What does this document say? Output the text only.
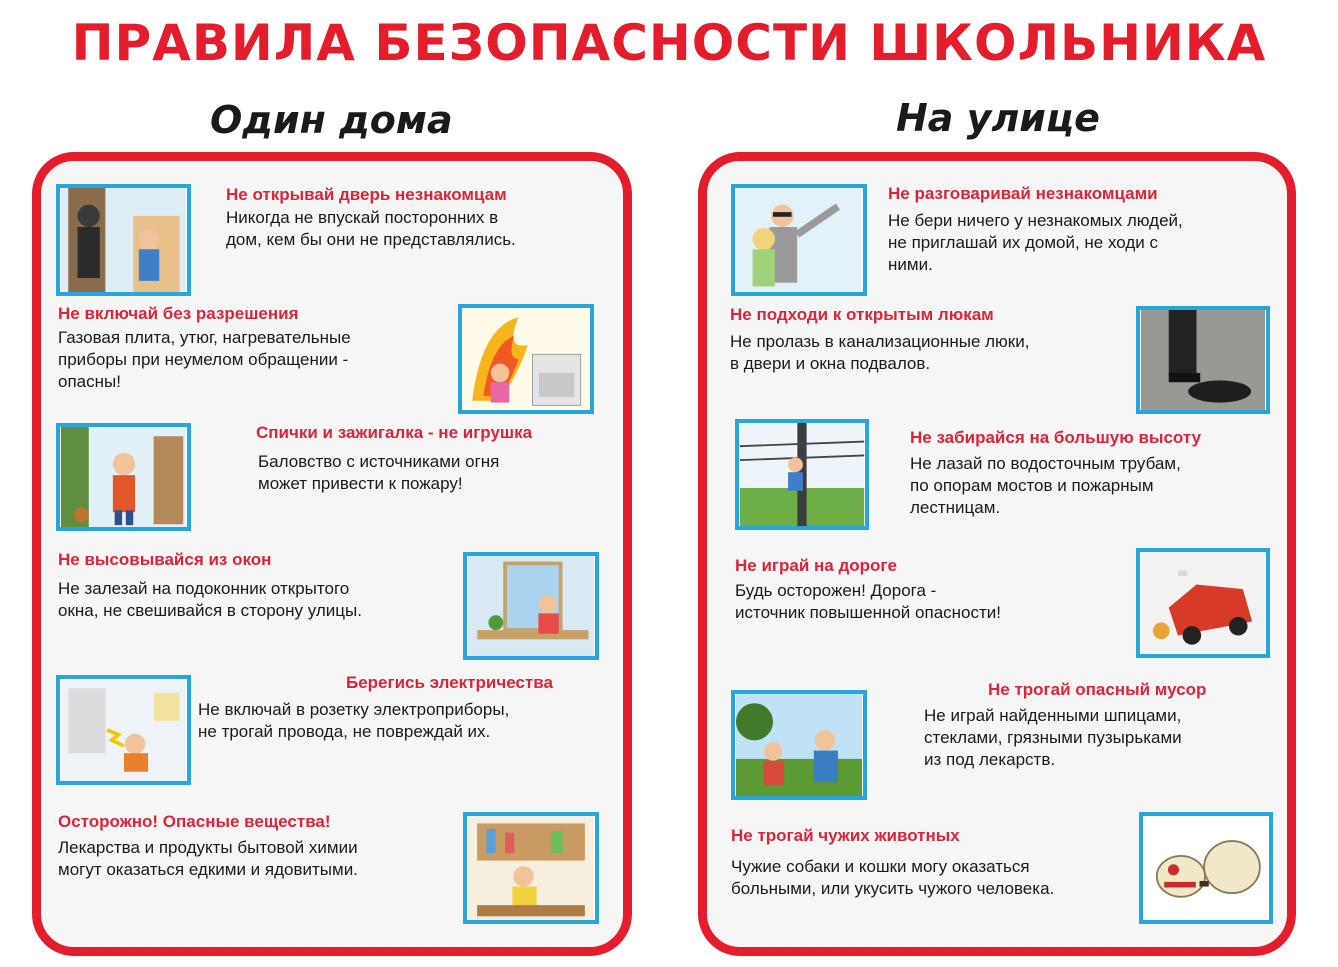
ПРАВИЛА БЕЗОПАСНОСТИ ШКОЛЬНИКА
Один дома	На улице
Не открывай дверь незнакомцам
Никогда не впускай посторонних в
дом, кем бы они не представлялись.
Не включай без разрешения
Газовая плита, утюг, нагревательные
приборы при неумелом обращении -
опасны!
Спички и зажигалка - не игрушка
Баловство с источниками огня
может привести к пожару!
Не высовывайся из окон
Не залезай на подоконник открытого
окна, не свешивайся в сторону улицы.
Берегись электричества
Не включай в розетку электроприборы,
не трогай провода, не повреждай их.
Осторожно! Опасные вещества!
Лекарства и продукты бытовой химии
могут оказаться едкими и ядовитыми.
Не разговаривай незнакомцами
Не бери ничего у незнакомых людей,
не приглашай их домой, не ходи с
ними.
Не подходи к открытым люкам
Не пролазь в канализационные люки,
в двери и окна подвалов.
Не забирайся на большую высоту
Не лазай по водосточным трубам,
по опорам мостов и пожарным
лестницам.
Не играй на дороге
Будь осторожен! Дорога -
источник повышенной опасности!
Не трогай опасный мусор
Не играй найденными шпицами,
стеклами, грязными пузырьками
из под лекарств.
Не трогай чужих животных
Чужие собаки и кошки могу оказаться
больными, или укусить чужого человека.
